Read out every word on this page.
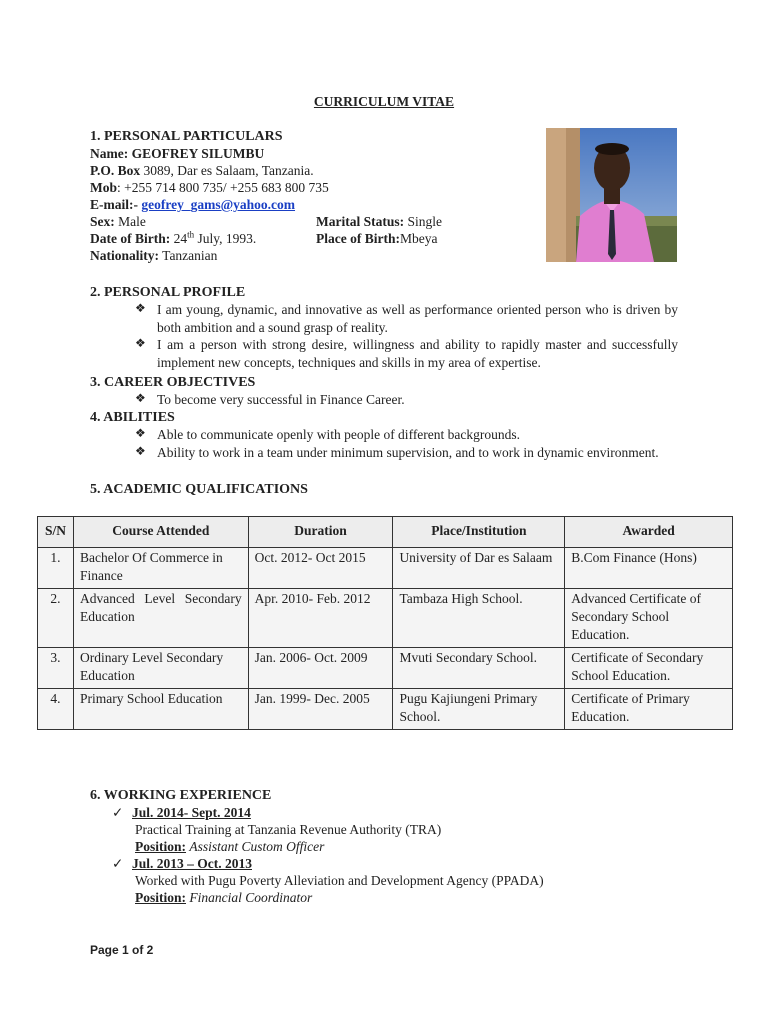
CURRICULUM VITAE
1. PERSONAL PARTICULARS
Name: GEOFREY SILUMBU
P.O. Box 3089, Dar es Salaam, Tanzania.
Mob: +255 714 800 735/ +255 683 800 735
E-mail:- geofrey_gams@yahoo.com
Sex: Male	Marital Status: Single
Date of Birth: 24th July, 1993.	Place of Birth:Mbeya
Nationality: Tanzanian
2. PERSONAL PROFILE
❖ I am young, dynamic, and innovative as well as performance oriented person who is driven by both ambition and a sound grasp of reality.
❖ I am a person with strong desire, willingness and ability to rapidly master and successfully implement new concepts, techniques and skills in my area of expertise.
3. CAREER OBJECTIVES
❖ To become very successful in Finance Career.
4. ABILITIES
❖ Able to communicate openly with people of different backgrounds.
❖ Ability to work in a team under minimum supervision, and to work in dynamic environment.
5. ACADEMIC QUALIFICATIONS
S/N	Course Attended	Duration	Place/Institution	Awarded
1.	Bachelor Of Commerce in Finance	Oct. 2012- Oct 2015	University of Dar es Salaam	B.Com Finance (Hons)
2.	Advanced Level Secondary Education	Apr. 2010- Feb. 2012	Tambaza High School.	Advanced Certificate of Secondary School Education.
3.	Ordinary Level Secondary Education	Jan. 2006- Oct. 2009	Mvuti Secondary School.	Certificate of Secondary School Education.
4.	Primary School Education	Jan. 1999- Dec. 2005	Pugu Kajiungeni Primary School.	Certificate of Primary Education.
6. WORKING EXPERIENCE
✓ Jul. 2014- Sept. 2014
Practical Training at Tanzania Revenue Authority (TRA)
Position: Assistant Custom Officer
✓ Jul. 2013 – Oct. 2013
Worked with Pugu Poverty Alleviation and Development Agency (PPADA)
Position: Financial Coordinator
Page 1 of 2
